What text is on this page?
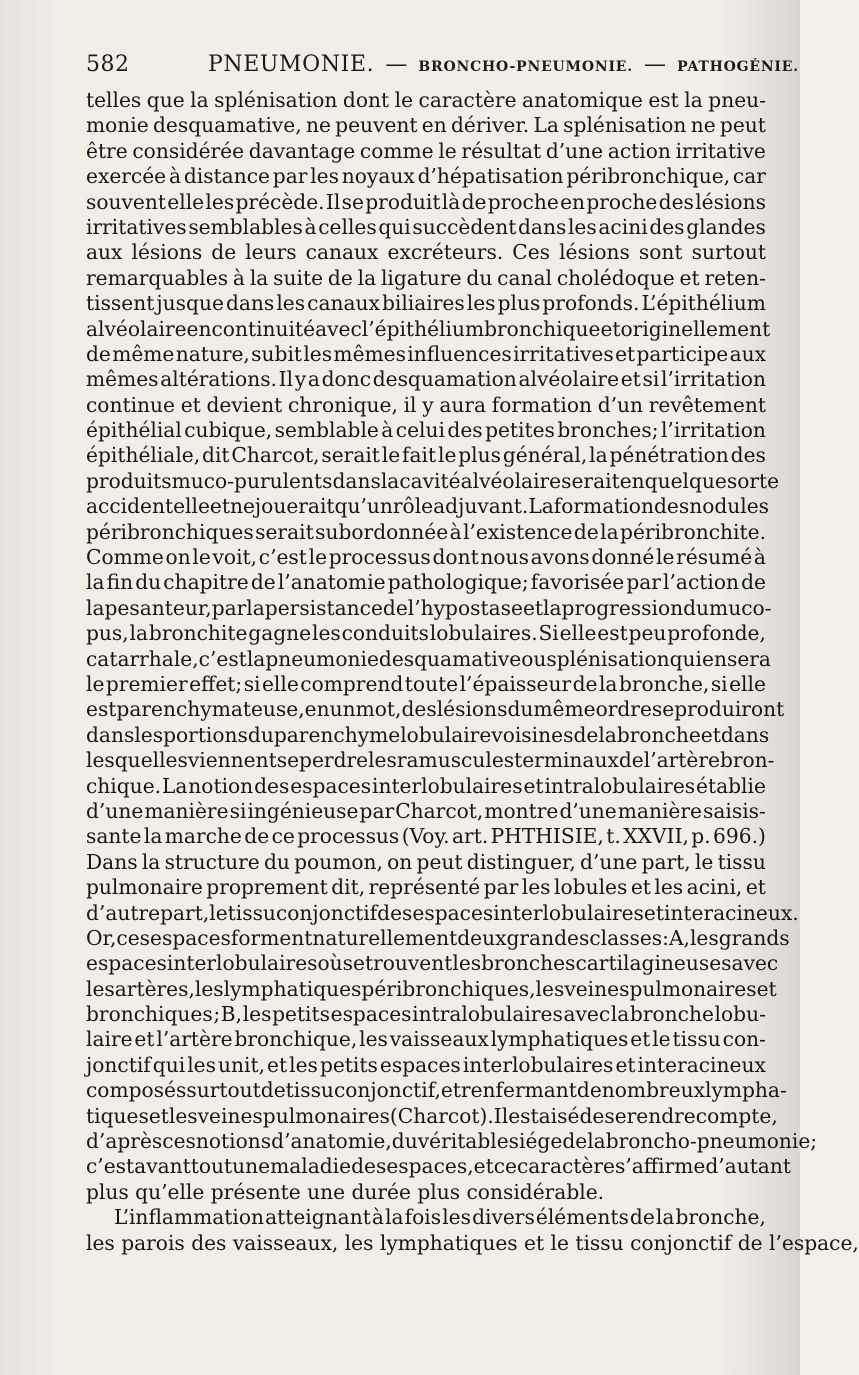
582	PNEUMONIE. — BRONCHO-PNEUMONIE. — PATHOGÉNIE.
telles que la splénisation dont le caractère anatomique est la pneu-
monie desquamative, ne peuvent en dériver. La splénisation ne peut
être considérée davantage comme le résultat d’une action irritative
exercée à distance par les noyaux d’hépatisation péribronchique, car
souvent elle les précède. Il se produit là de proche en proche des lésions
irritatives semblables à celles qui succèdent dans les acini des glandes
aux lésions de leurs canaux excréteurs. Ces lésions sont surtout
remarquables à la suite de la ligature du canal cholédoque et reten-
tissent jusque dans les canaux biliaires les plus profonds. L’épithélium
alvéolaire en continuité avec l’épithélium bronchique et originellement
de même nature, subit les mêmes influences irritatives et participe aux
mêmes altérations. Il y a donc desquamation alvéolaire et si l’irritation
continue et devient chronique, il y aura formation d’un revêtement
épithélial cubique, semblable à celui des petites bronches; l’irritation
épithéliale, dit Charcot, serait le fait le plus général, la pénétration des
produits muco-purulents dans la cavité alvéolaire serait en quelque sorte
accidentelle et ne jouerait qu’un rôle adjuvant. La formation des nodules
péribronchiques serait subordonnée à l’existence de la péribronchite.
Comme on le voit, c’est le processus dont nous avons donné le résumé à
la fin du chapitre de l’anatomie pathologique; favorisée par l’action de
la pesanteur, par la persistance de l’hypostase et la progression du muco-
pus, la bronchite gagne les conduits lobulaires. Si elle est peu profonde,
catarrhale, c’est la pneumonie desquamative ou splénisation qui en sera
le premier effet; si elle comprend toute l’épaisseur de la bronche, si elle
est parenchymateuse, en un mot, des lésions du même ordre se produiront
dans les portions du parenchyme lobulaire voisines de la bronche et dans
lesquelles viennent se perdre les ramuscules terminaux de l’artère bron-
chique. La notion des espaces interlobulaires et intralobulaires établie
d’une manière si ingénieuse par Charcot, montre d’une manière saisis-
sante la marche de ce processus (Voy. art. PHTHISIE, t. XXVII, p. 696.)
Dans la structure du poumon, on peut distinguer, d’une part, le tissu
pulmonaire proprement dit, représenté par les lobules et les acini, et
d’autre part, le tissu conjonctif des espaces interlobulaires et interacineux.
Or, ces espaces forment naturellement deux grandes classes: A, les grands
espaces interlobulaires où se trouvent les bronches cartilagineuses avec
les artères, les lymphatiques péribronchiques, les veines pulmonaires et
bronchiques ; B, les petits espaces intralobulaires avec la bronche lobu-
laire et l’artère bronchique, les vaisseaux lymphatiques et le tissu con-
jonctif qui les unit, et les petits espaces interlobulaires et interacineux
composés surtout de tissu conjonctif, et renfermant de nombreux lympha-
tiques et les veines pulmonaires (Charcot). Il est aisé de se rendre compte,
d’après ces notions d’anatomie, du véritable siége de la broncho-pneumonie;
c’est avant tout une maladie des espaces, et ce caractère s’affirme d’autant
plus qu’elle présente une durée plus considérable.
L’inflammation atteignant à la fois les divers éléments de la bronche,
les parois des vaisseaux, les lymphatiques et le tissu conjonctif de l’espace,
